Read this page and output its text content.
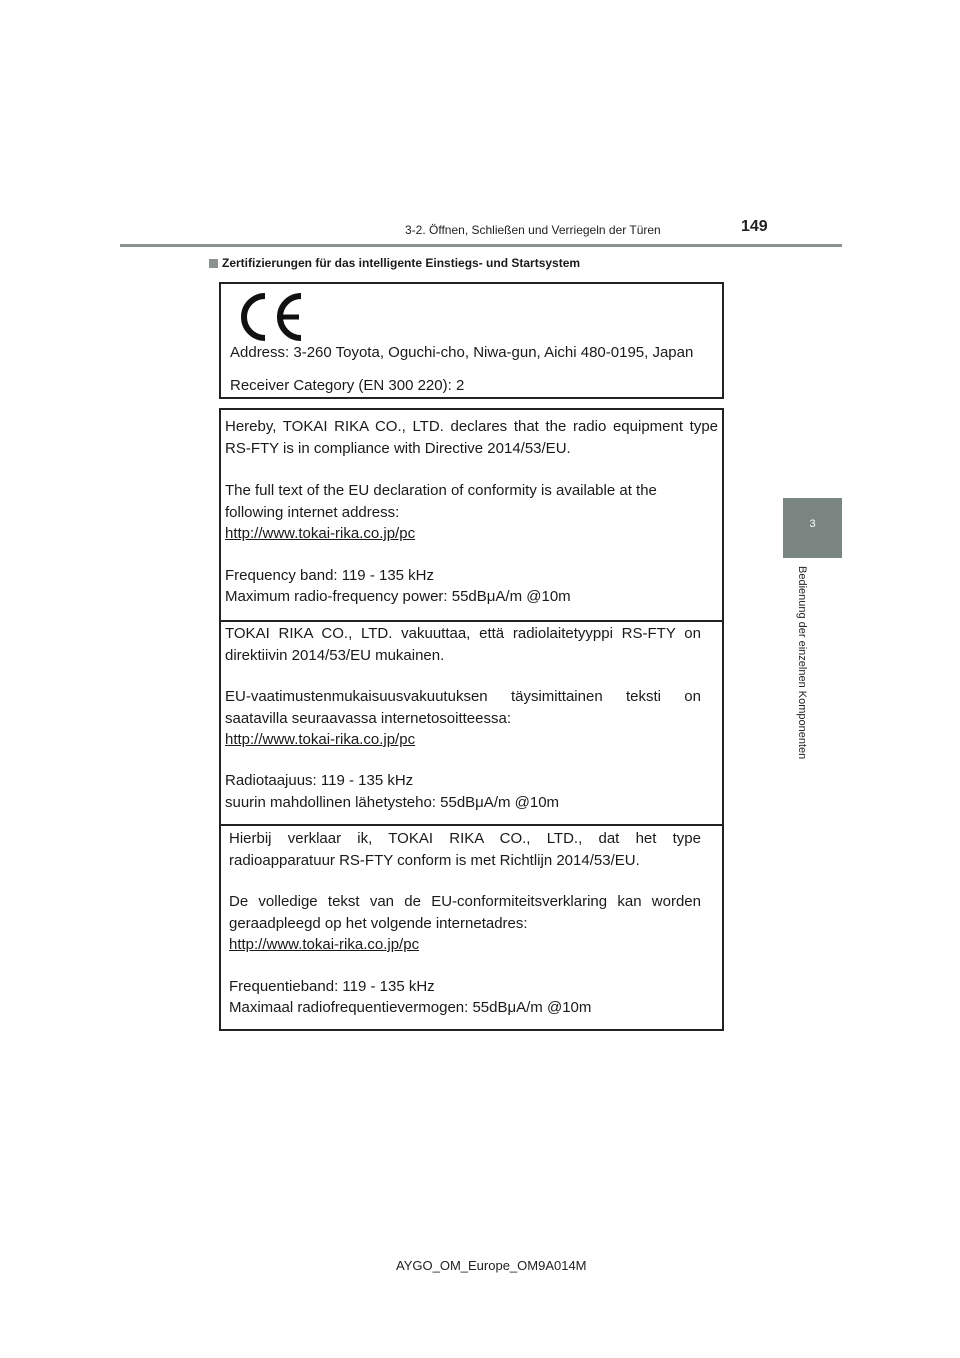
3-2. Öffnen, Schließen und Verriegeln der Türen	149
3
Bedienung der einzelnen Komponenten
Zertifizierungen für das intelligente Einstiegs- und Startsystem
Address: 3-260 Toyota, Oguchi-cho, Niwa-gun, Aichi 480-0195, Japan
Receiver Category (EN 300 220): 2
Hereby, TOKAI RIKA CO., LTD. declares that the radio equipment type
RS-FTY is in compliance with Directive 2014/53/EU.
The full text of the EU declaration of conformity is available at the
following internet address:
http://www.tokai-rika.co.jp/pc
Frequency band: 119 - 135 kHz
Maximum radio-frequency power: 55dBμA/m @10m
TOKAI RIKA CO., LTD. vakuuttaa, että radiolaitetyyppi RS-FTY on
direktiivin 2014/53/EU mukainen.
EU-vaatimustenmukaisuusvakuutuksen täysimittainen teksti on
saatavilla seuraavassa internetosoitteessa:
http://www.tokai-rika.co.jp/pc
Radiotaajuus: 119 - 135 kHz
suurin mahdollinen lähetysteho: 55dBμA/m @10m
Hierbij verklaar ik, TOKAI RIKA CO., LTD., dat het type
radioapparatuur RS-FTY conform is met Richtlijn 2014/53/EU.
De volledige tekst van de EU-conformiteitsverklaring kan worden
geraadpleegd op het volgende internetadres:
http://www.tokai-rika.co.jp/pc
Frequentieband: 119 - 135 kHz
Maximaal radiofrequentievermogen: 55dBμA/m @10m
AYGO_OM_Europe_OM9A014M
